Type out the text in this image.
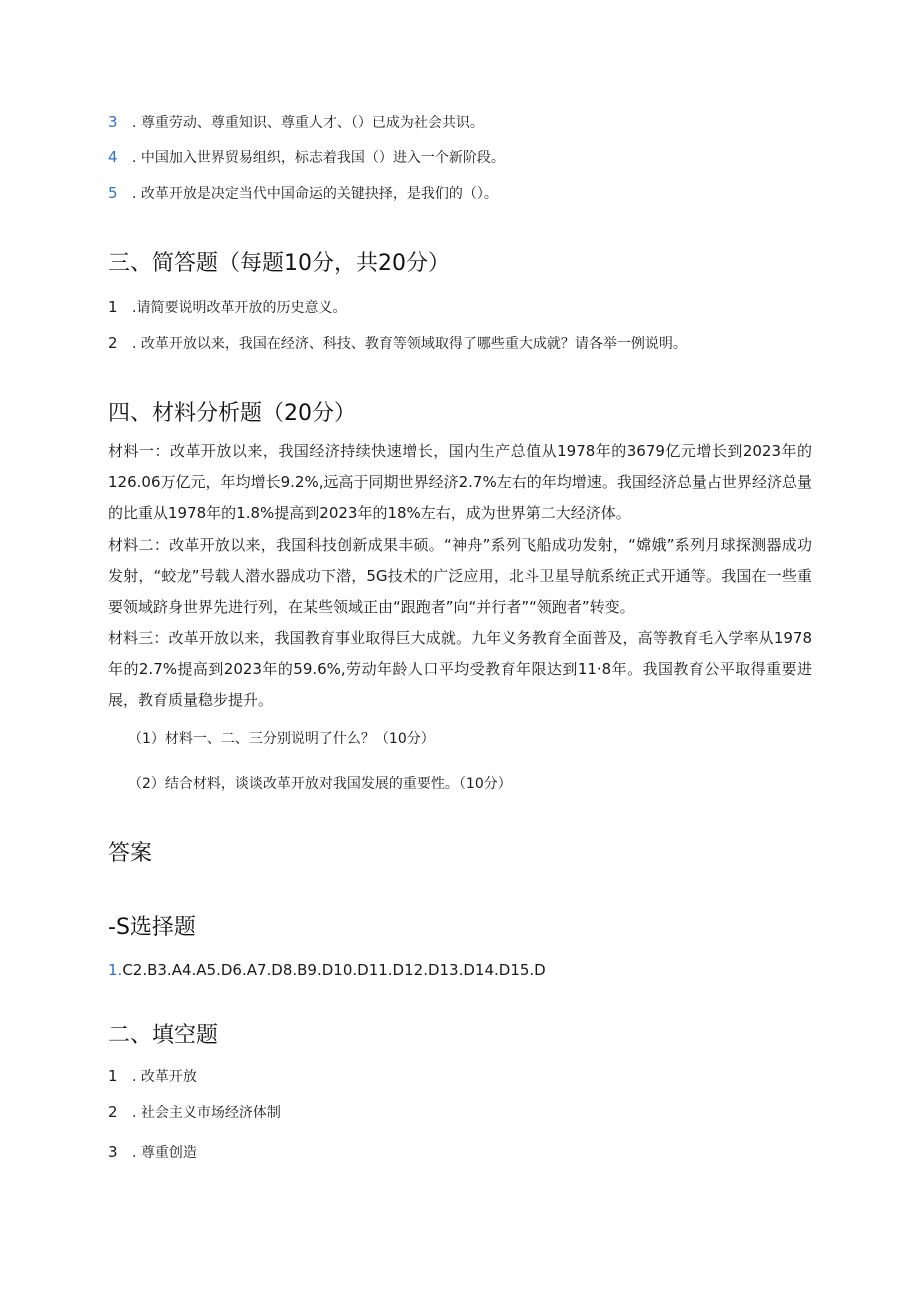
3 . 尊重劳动、尊重知识、尊重人才、（）已成为社会共识。
4 . 中国加入世界贸易组织，标志着我国（）进入一个新阶段。
5 . 改革开放是决定当代中国命运的关键抉择，是我们的（）。
三、简答题（每题10分，共20分）
1 .请简要说明改革开放的历史意义。
2 . 改革开放以来，我国在经济、科技、教育等领域取得了哪些重大成就？请各举一例说明。
四、材料分析题（20分）
材料一：改革开放以来，我国经济持续快速增长，国内生产总值从1978年的3679亿元增长到2023年的126.06万亿元，年均增长9.2%,远高于同期世界经济2.7%左右的年均增速。我国经济总量占世界经济总量的比重从1978年的1.8%提高到2023年的18%左右，成为世界第二大经济体。
材料二：改革开放以来，我国科技创新成果丰硕。“神舟”系列飞船成功发射，“嫦娥”系列月球探测器成功发射，“蛟龙”号载人潜水器成功下潜，5G技术的广泛应用，北斗卫星导航系统正式开通等。我国在一些重要领域跻身世界先进行列，在某些领域正由“跟跑者”向“并行者”“领跑者”转变。
材料三：改革开放以来，我国教育事业取得巨大成就。九年义务教育全面普及，高等教育毛入学率从1978年的2.7%提高到2023年的59.6%,劳动年龄人口平均受教育年限达到11·8年。我国教育公平取得重要进展，教育质量稳步提升。
（1）材料一、二、三分别说明了什么？（10分）
（2）结合材料，谈谈改革开放对我国发展的重要性。（10分）
答案
-S选择题
1.C2.B3.A4.A5.D6.A7.D8.B9.D10.D11.D12.D13.D14.D15.D
二、填空题
1 . 改革开放
2 . 社会主义市场经济体制
3 . 尊重创造
